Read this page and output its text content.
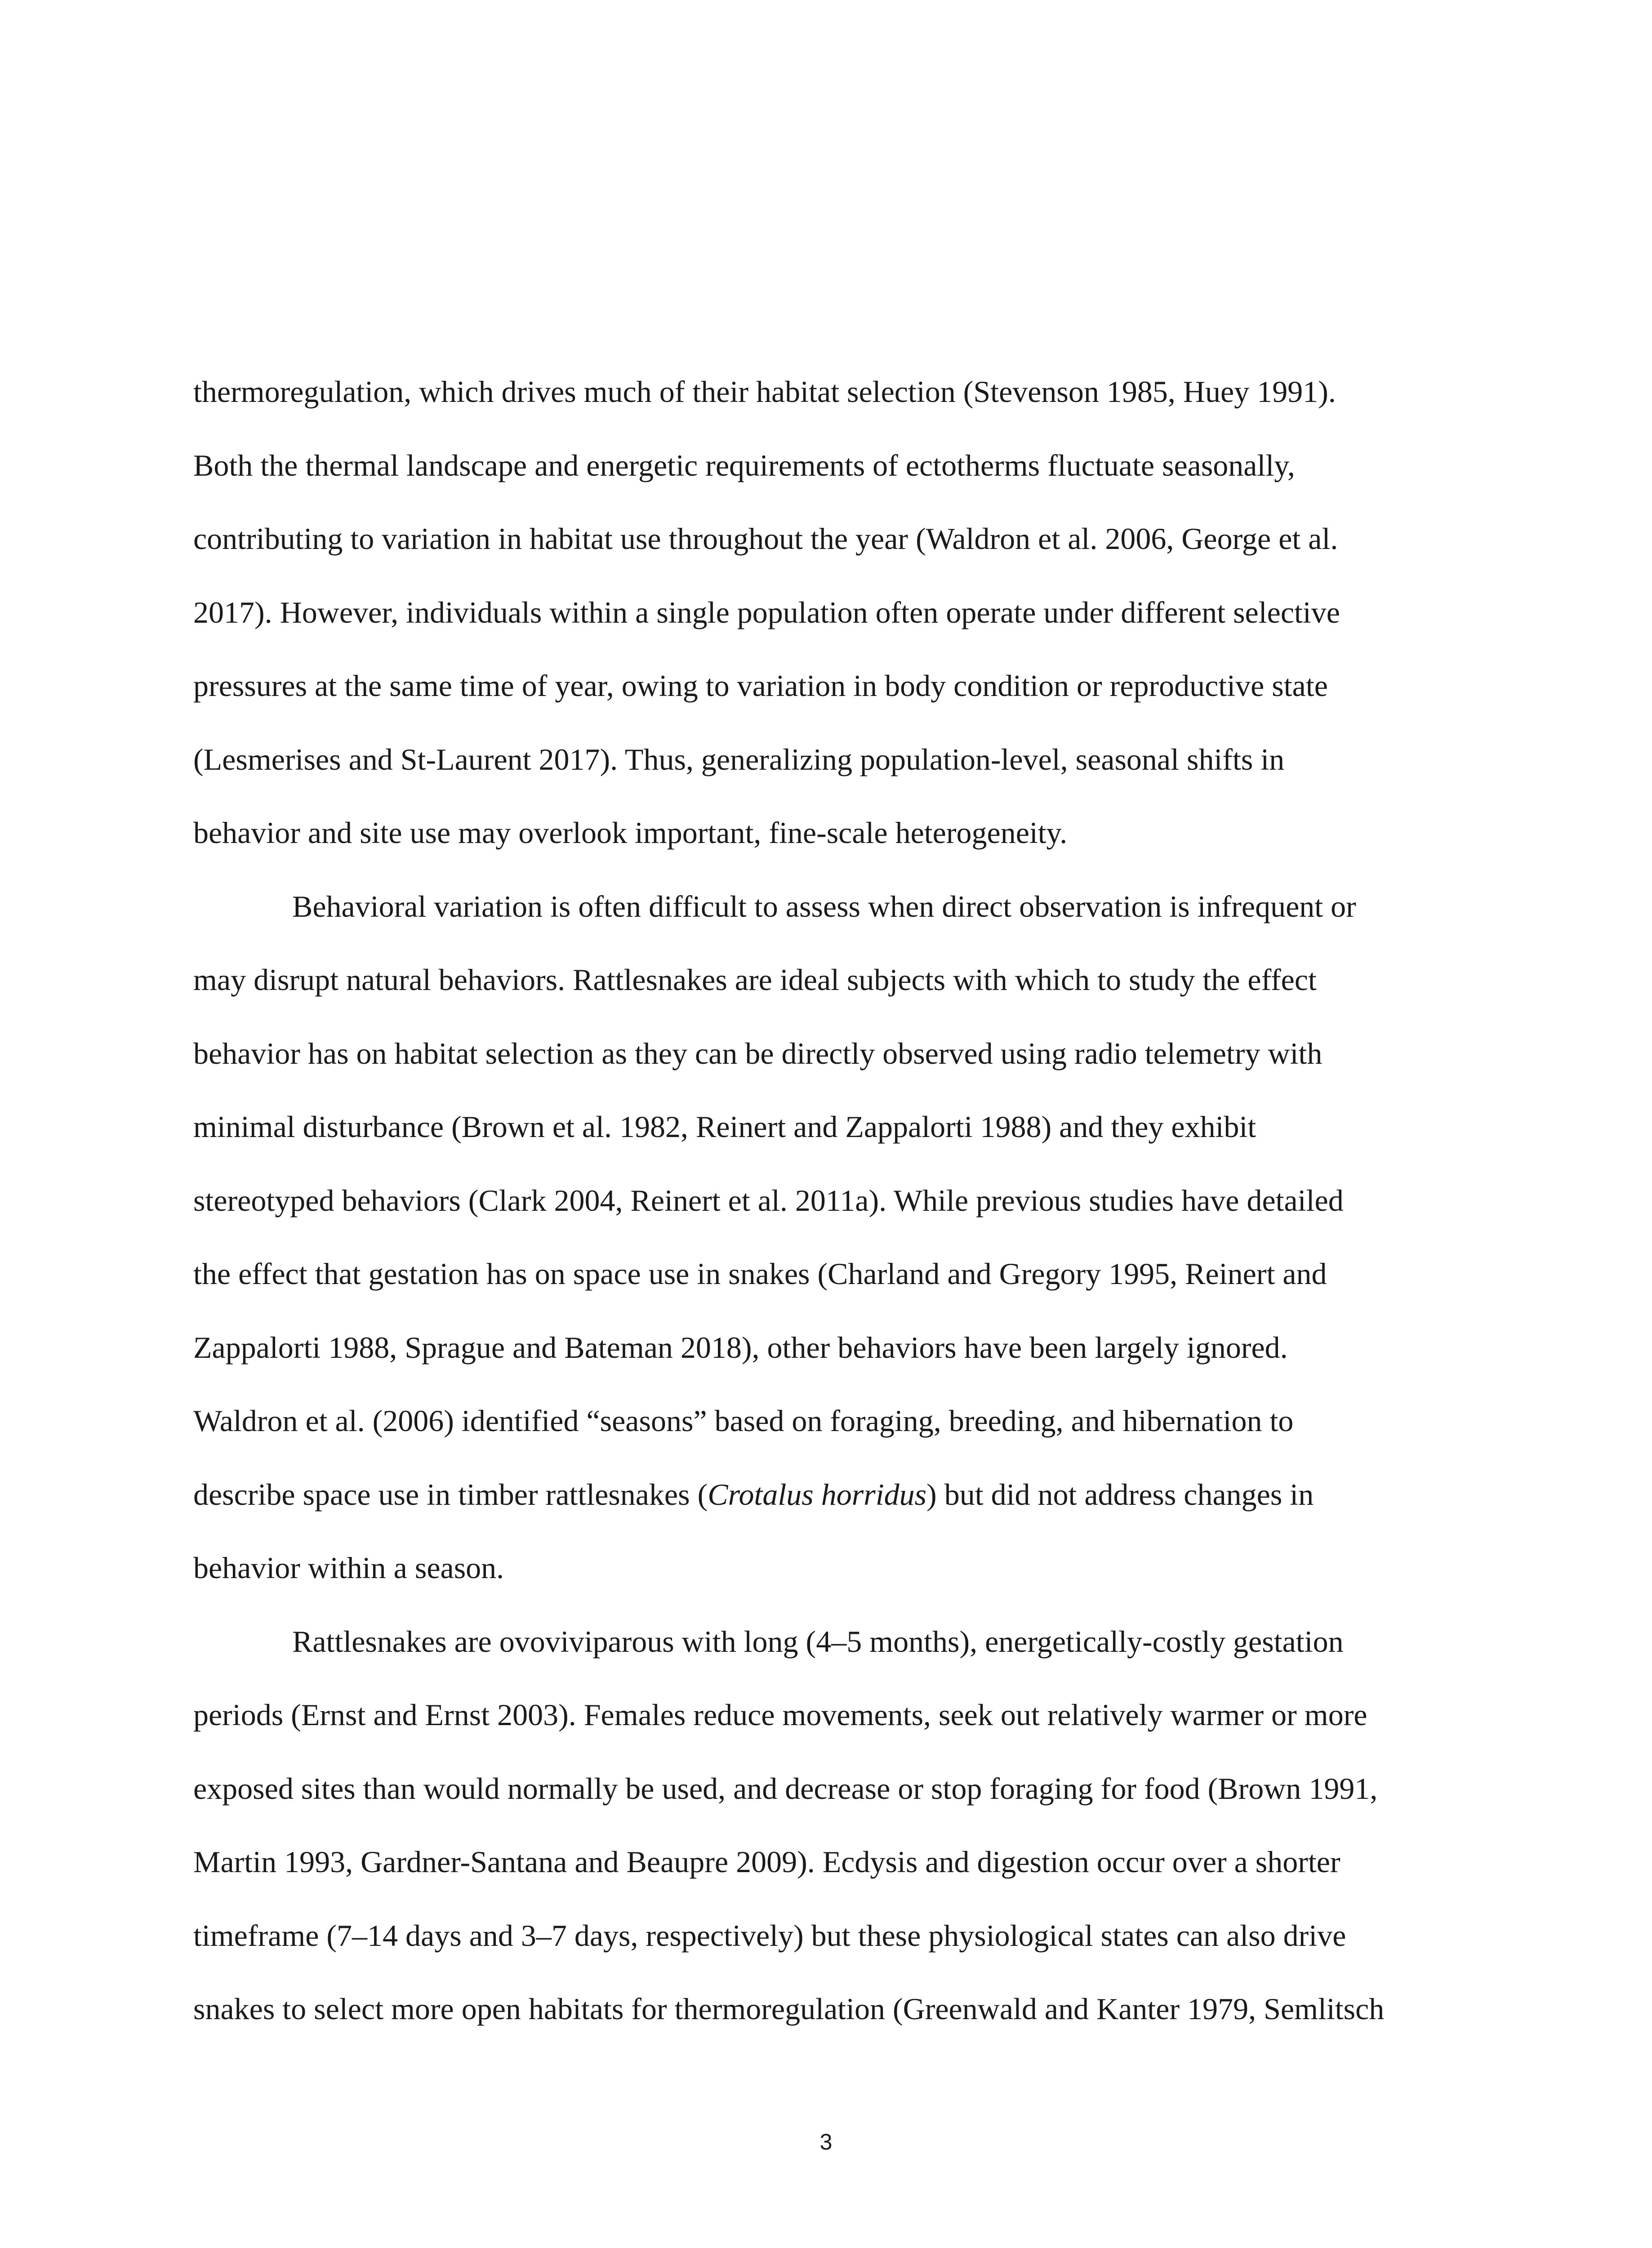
thermoregulation, which drives much of their habitat selection (Stevenson 1985, Huey 1991).
Both the thermal landscape and energetic requirements of ectotherms fluctuate seasonally,
contributing to variation in habitat use throughout the year (Waldron et al. 2006, George et al.
2017). However, individuals within a single population often operate under different selective
pressures at the same time of year, owing to variation in body condition or reproductive state
(Lesmerises and St-Laurent 2017). Thus, generalizing population-level, seasonal shifts in
behavior and site use may overlook important, fine-scale heterogeneity.
Behavioral variation is often difficult to assess when direct observation is infrequent or
may disrupt natural behaviors. Rattlesnakes are ideal subjects with which to study the effect
behavior has on habitat selection as they can be directly observed using radio telemetry with
minimal disturbance (Brown et al. 1982, Reinert and Zappalorti 1988) and they exhibit
stereotyped behaviors (Clark 2004, Reinert et al. 2011a). While previous studies have detailed
the effect that gestation has on space use in snakes (Charland and Gregory 1995, Reinert and
Zappalorti 1988, Sprague and Bateman 2018), other behaviors have been largely ignored.
Waldron et al. (2006) identified “seasons” based on foraging, breeding, and hibernation to
describe space use in timber rattlesnakes (Crotalus horridus) but did not address changes in
behavior within a season.
Rattlesnakes are ovoviviparous with long (4–5 months), energetically-costly gestation
periods (Ernst and Ernst 2003). Females reduce movements, seek out relatively warmer or more
exposed sites than would normally be used, and decrease or stop foraging for food (Brown 1991,
Martin 1993, Gardner-Santana and Beaupre 2009). Ecdysis and digestion occur over a shorter
timeframe (7–14 days and 3–7 days, respectively) but these physiological states can also drive
snakes to select more open habitats for thermoregulation (Greenwald and Kanter 1979, Semlitsch
3
